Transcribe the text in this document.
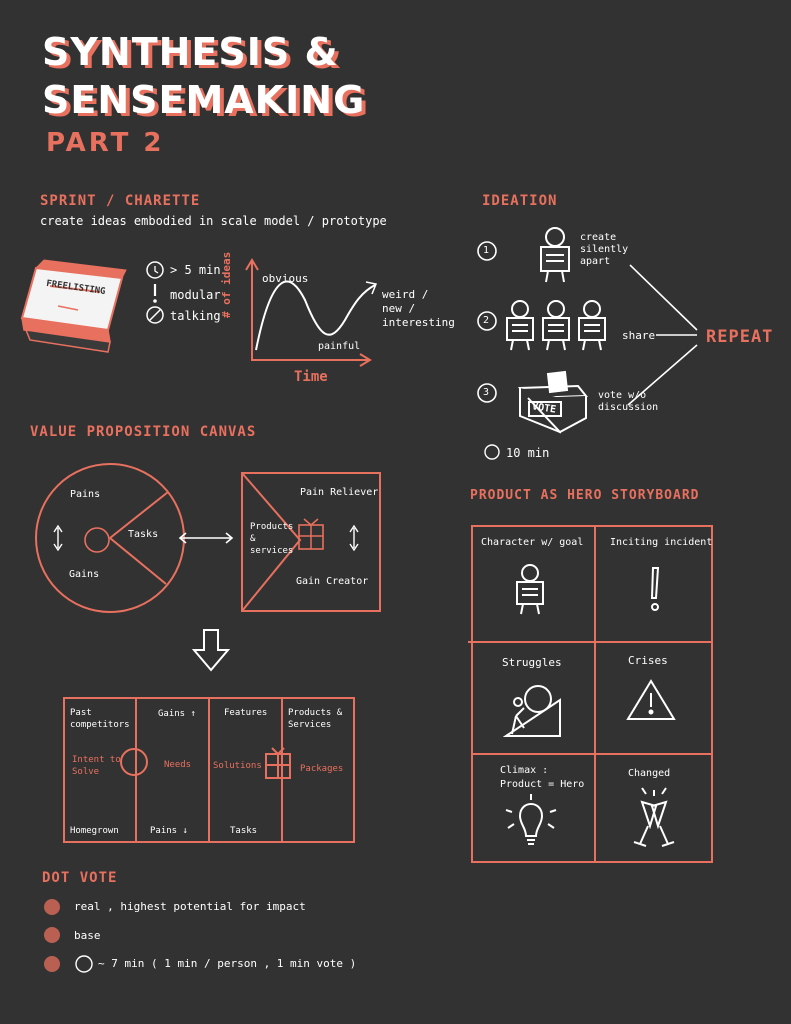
SYNTHESIS &
SENSEMAKING
PART 2
SPRINT / CHARETTE
create ideas embodied in scale model / prototype
FREELISTING
> 5 min
modular
talking # of ideas
Time
obvious
painful
weird / new / interesting
IDEATION
1
2
3
create silently apart
share
vote w/o discussion
VOTE
REPEAT
10 min
VALUE PROPOSITION CANVAS
Pains
Tasks
Gains
Pain Reliever
Products & services
Gain Creator
Past competitors
Intent to Solve
Homegrown
Gains ↑
Needs
Pains ↓
Features
Solutions
Tasks
Products & Services
Packages
PRODUCT AS HERO STORYBOARD
Character w/ goal	Inciting incident
Struggles	Crises
Climax : Product = Hero
Changed
DOT VOTE
real , highest potential for impact
base
~ 7 min ( 1 min / person , 1 min vote )
